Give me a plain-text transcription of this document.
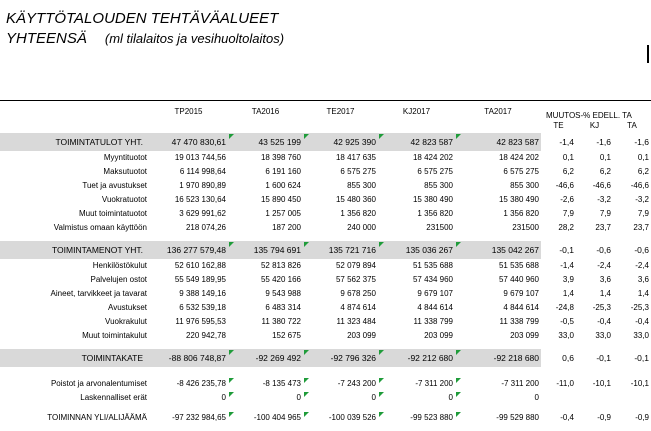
KÄYTTÖTALOUDEN TEHTÄVÄALUEET
YHTEENSÄ (ml tilalaitos ja vesihuoltolaitos)
	TP2015	TA2016	TE2017	KJ2017	TA2017			
						TE	KJ	TA
TOIMINTATULOT YHT.	47 470 830,61	43 525 199	42 925 390	42 823 587	42 823 587	-1,4	-1,6	-1,6
Myyntituotot	19 013 744,56	18 398 760	18 417 635	18 424 202	18 424 202	0,1	0,1	0,1
Maksutuotot	6 114 998,64	6 191 160	6 575 275	6 575 275	6 575 275	6,2	6,2	6,2
Tuet ja avustukset	1 970 890,89	1 600 624	855 300	855 300	855 300	-46,6	-46,6	-46,6
Vuokratuotot	16 523 130,64	15 890 450	15 480 360	15 380 490	15 380 490	-2,6	-3,2	-3,2
Muut toimintatuotot	3 629 991,62	1 257 005	1 356 820	1 356 820	1 356 820	7,9	7,9	7,9
Valmistus omaan käyttöön	218 074,26	187 200	240 000	231500	231500	28,2	23,7	23,7

TOIMINTAMENOT YHT.	136 277 579,48	135 794 691	135 721 716	135 036 267	135 042 267	-0,1	-0,6	-0,6
Henkilöstökulut	52 610 162,88	52 813 826	52 079 894	51 535 688	51 535 688	-1,4	-2,4	-2,4
Palvelujen ostot	55 549 189,95	55 420 166	57 562 375	57 434 960	57 440 960	3,9	3,6	3,6
Aineet, tarvikkeet ja tavarat	9 388 149,16	9 543 988	9 678 250	9 679 107	9 679 107	1,4	1,4	1,4
Avustukset	6 532 539,18	6 483 314	4 874 614	4 844 614	4 844 614	-24,8	-25,3	-25,3
Vuokrakulut	11 976 595,53	11 380 722	11 323 484	11 338 799	11 338 799	-0,5	-0,4	-0,4
Muut toimintakulut	220 942,78	152 675	203 099	203 099	203 099	33,0	33,0	33,0

TOIMINTAKATE	-88 806 748,87	-92 269 492	-92 796 326	-92 212 680	-92 218 680	0,6	-0,1	-0,1

Poistot ja arvonalentumiset	-8 426 235,78	-8 135 473	-7 243 200	-7 311 200	-7 311 200	-11,0	-10,1	-10,1
Laskennalliset erät	0	0	0	0	0			

TOIMINNAN YLI/ALIJÄÄMÄ	-97 232 984,65	-100 404 965	-100 039 526	-99 523 880	-99 529 880	-0,4	-0,9	-0,9
MUUTOS-% EDELL. TA
